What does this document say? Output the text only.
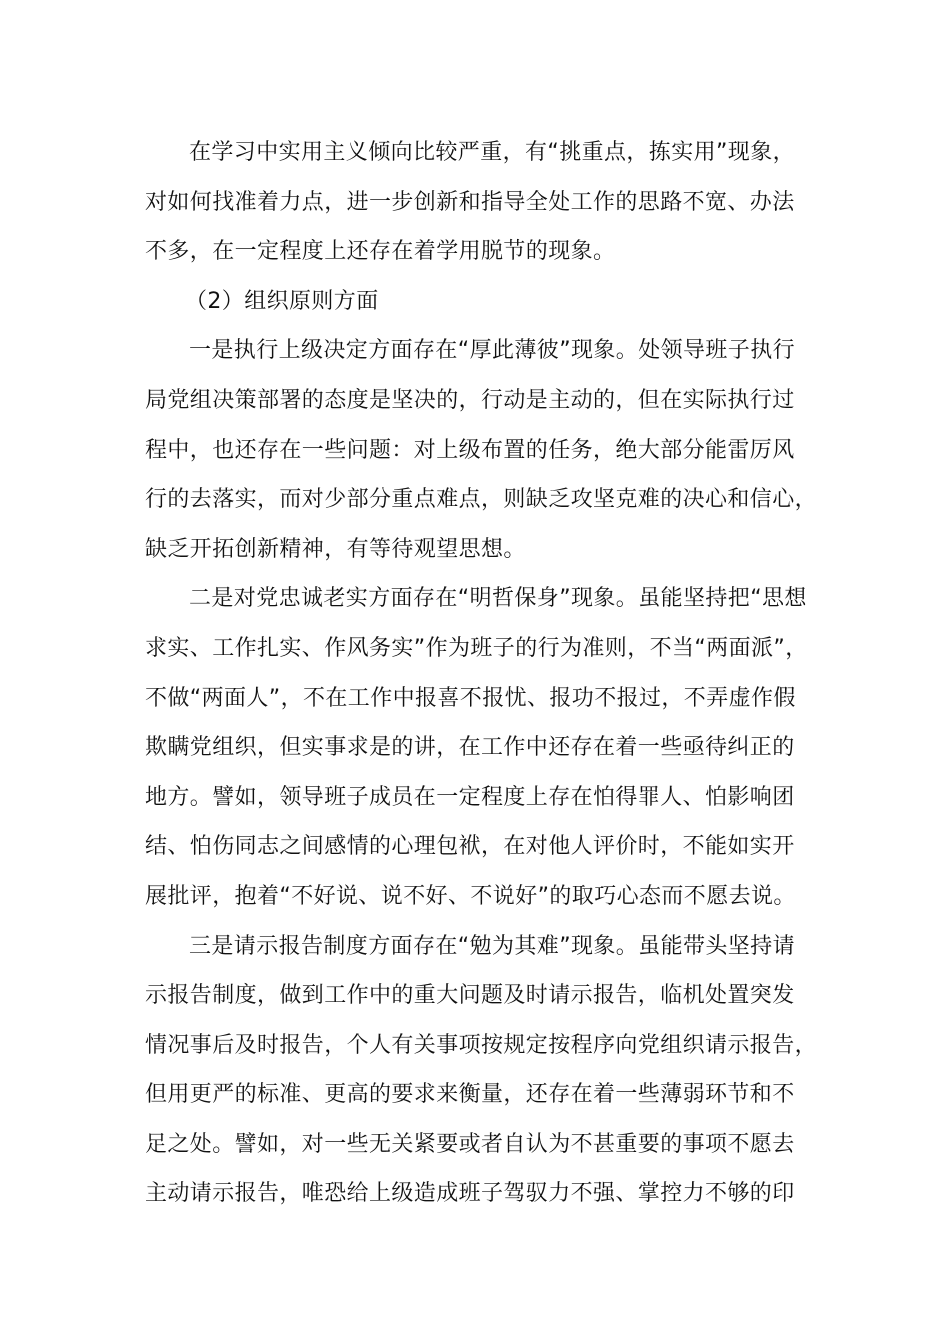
在学习中实用主义倾向比较严重，有“挑重点，拣实用”现象，
对如何找准着力点，进一步创新和指导全处工作的思路不宽、办法
不多，在一定程度上还存在着学用脱节的现象。
（2）组织原则方面
一是执行上级决定方面存在“厚此薄彼”现象。处领导班子执行
局党组决策部署的态度是坚决的，行动是主动的，但在实际执行过
程中，也还存在一些问题：对上级布置的任务，绝大部分能雷厉风
行的去落实，而对少部分重点难点，则缺乏攻坚克难的决心和信心，
缺乏开拓创新精神，有等待观望思想。
二是对党忠诚老实方面存在“明哲保身”现象。虽能坚持把“思想
求实、工作扎实、作风务实”作为班子的行为准则，不当“两面派”，
不做“两面人”，不在工作中报喜不报忧、报功不报过，不弄虚作假
欺瞒党组织，但实事求是的讲，在工作中还存在着一些亟待纠正的
地方。譬如，领导班子成员在一定程度上存在怕得罪人、怕影响团
结、怕伤同志之间感情的心理包袱，在对他人评价时，不能如实开
展批评，抱着“不好说、说不好、不说好”的取巧心态而不愿去说。
三是请示报告制度方面存在“勉为其难”现象。虽能带头坚持请
示报告制度，做到工作中的重大问题及时请示报告，临机处置突发
情况事后及时报告，个人有关事项按规定按程序向党组织请示报告，
但用更严的标准、更高的要求来衡量，还存在着一些薄弱环节和不
足之处。譬如，对一些无关紧要或者自认为不甚重要的事项不愿去
主动请示报告，唯恐给上级造成班子驾驭力不强、掌控力不够的印
